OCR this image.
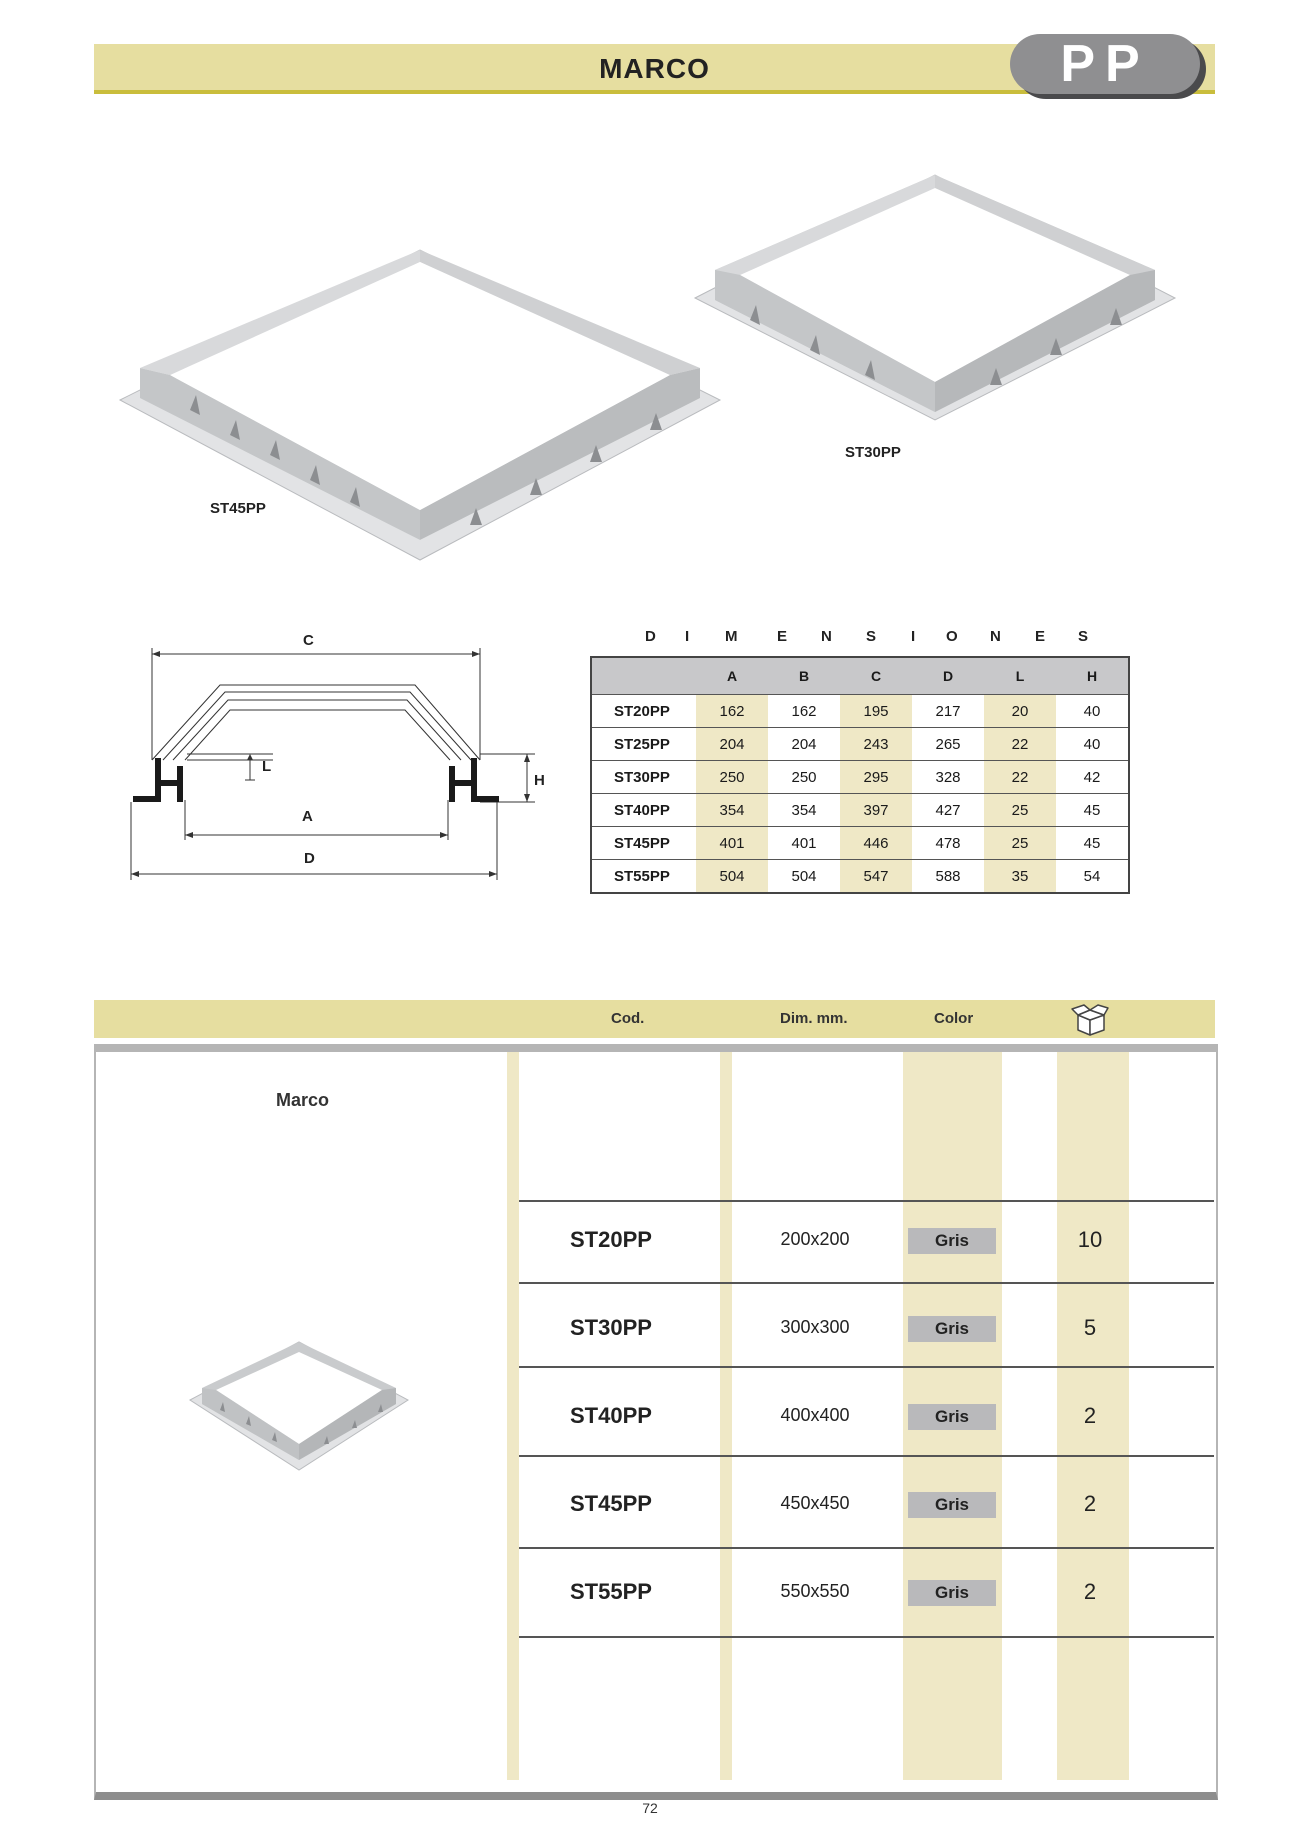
MARCO	PP
ST45PP
ST30PP
C
L
H
A
D
D I M	E N S I O N E S
	A	B	C	D	L	H
ST20PP	162	162	195	217	20	40
ST25PP	204	204	243	265	22	40
ST30PP	250	250	295	328	22	42
ST40PP	354	354	397	427	25	45
ST45PP	401	401	446	478	25	45
ST55PP	504	504	547	588	35	54
Cod.	Dim. mm.	Color
Marco
ST20PP	200x200	Gris	10
ST30PP	300x300	Gris	5
ST40PP	400x400	Gris	2
ST45PP	450x450	Gris	2
ST55PP	550x550	Gris	2
72
